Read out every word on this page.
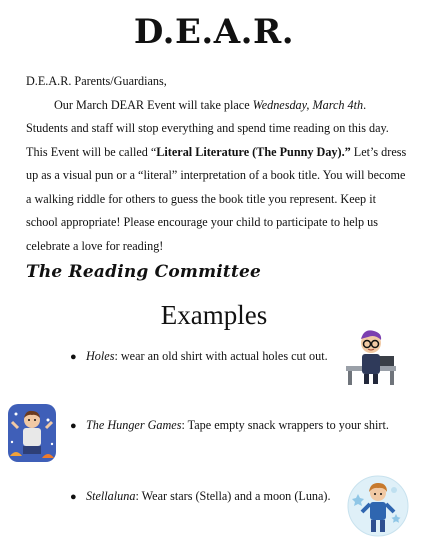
D.E.A.R.
D.E.A.R. Parents/Guardians,
Our March DEAR Event will take place Wednesday, March 4th. Students and staff will stop everything and spend time reading on this day. This Event will be called “Literal Literature (The Punny Day).” Let’s dress up as a visual pun or a “literal” interpretation of a book title. You will become a walking riddle for others to guess the book title you represent. Keep it school appropriate! Please encourage your child to participate to help us celebrate a love for reading!
The Reading Committee
Examples
● Holes: wear an old shirt with actual holes cut out.
● The Hunger Games: Tape empty snack wrappers to your shirt.
● Stellaluna: Wear stars (Stella) and a moon (Luna).
